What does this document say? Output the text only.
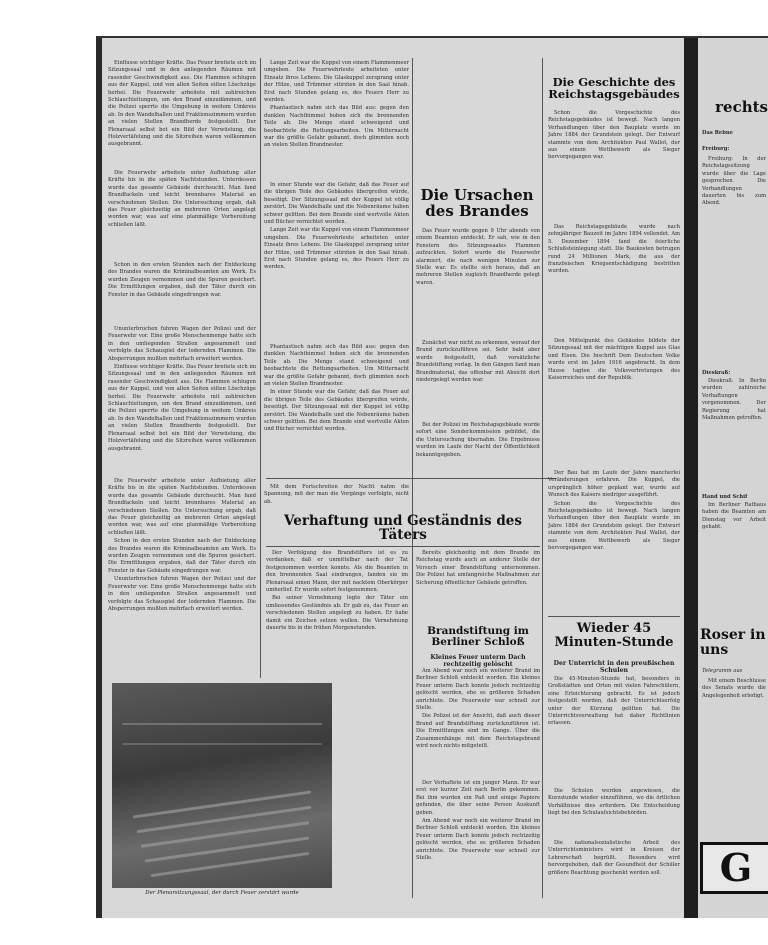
Einflusse wichtiger Kräfte. Das Feuer breitete sich im Sitzungssaal und in den anliegenden Räumen mit rasender Geschwindigkeit aus. Die Flammen schlugen aus der Kuppel, und von allen Seiten eilten Löschzüge herbei. Die Feuerwehr arbeitete mit zahlreichen Schlauchleitungen, um den Brand einzudämmen, und die Polizei sperrte die Umgebung in weitem Umkreis ab. In den Wandelhallen und Fraktionszimmern wurden an vielen Stellen Brandherde festgestellt. Der Plenarsaal selbst bot ein Bild der Verwüstung, die Holzvertäfelung und die Sitzreihen waren vollkommen ausgebrannt.

Die Feuerwehr arbeitete unter Aufbietung aller Kräfte bis in die späten Nachtstunden. Unterdessen wurde das gesamte Gebäude durchsucht. Man fand Brandfackeln und leicht brennbares Material an verschiedenen Stellen. Die Untersuchung ergab, daß das Feuer gleichzeitig an mehreren Orten angelegt worden war, was auf eine planmäßige Vorbereitung schließen läßt.

Schon in den ersten Stunden nach der Entdeckung des Brandes waren die Kriminalbeamten am Werk. Es wurden Zeugen vernommen und die Spuren gesichert. Die Ermittlungen ergaben, daß der Täter durch ein Fenster in das Gebäude eingedrungen war.

Ununterbrochen fuhren Wagen der Polizei und der Feuerwehr vor. Eine große Menschenmenge hatte sich in den umliegenden Straßen angesammelt und verfolgte das Schauspiel der lodernden Flammen. Die Absperrungen mußten mehrfach erweitert werden.

Einflusse wichtiger Kräfte. Das Feuer breitete sich im Sitzungssaal und in den anliegenden Räumen mit rasender Geschwindigkeit aus. Die Flammen schlugen aus der Kuppel, und von allen Seiten eilten Löschzüge herbei. Die Feuerwehr arbeitete mit zahlreichen Schlauchleitungen, um den Brand einzudämmen, und die Polizei sperrte die Umgebung in weitem Umkreis ab. In den Wandelhallen und Fraktionszimmern wurden an vielen Stellen Brandherde festgestellt. Der Plenarsaal selbst bot ein Bild der Verwüstung, die Holzvertäfelung und die Sitzreihen waren vollkommen ausgebrannt.

Die Feuerwehr arbeitete unter Aufbietung aller Kräfte bis in die späten Nachtstunden. Unterdessen wurde das gesamte Gebäude durchsucht. Man fand Brandfackeln und leicht brennbares Material an verschiedenen Stellen. Die Untersuchung ergab, daß das Feuer gleichzeitig an mehreren Orten angelegt worden war, was auf eine planmäßige Vorbereitung schließen läßt.

Schon in den ersten Stunden nach der Entdeckung des Brandes waren die Kriminalbeamten am Werk. Es wurden Zeugen vernommen und die Spuren gesichert. Die Ermittlungen ergaben, daß der Täter durch ein Fenster in das Gebäude eingedrungen war.

Ununterbrochen fuhren Wagen der Polizei und der Feuerwehr vor. Eine große Menschenmenge hatte sich in den umliegenden Straßen angesammelt und verfolgte das Schauspiel der lodernden Flammen. Die Absperrungen mußten mehrfach erweitert werden.

Lange Zeit war die Kuppel von einem Flammenmeer umgeben. Die Feuerwehrleute arbeiteten unter Einsatz ihres Lebens. Die Glaskuppel zersprang unter der Hitze, und Trümmer stürzten in den Saal hinab. Erst nach Stunden gelang es, des Feuers Herr zu werden.

Phantastisch nahm sich das Bild aus: gegen den dunklen Nachthimmel hoben sich die brennenden Teile ab. Die Menge stand schweigend und beobachtete die Rettungsarbeiten. Um Mitternacht war die größte Gefahr gebannt, doch glimmten noch an vielen Stellen Brandnester.

In einer Stunde war die Gefahr, daß das Feuer auf die übrigen Teile des Gebäudes übergreifen würde, beseitigt. Der Sitzungssaal mit der Kuppel ist völlig zerstört. Die Wandelhalle und die Nebenräume haben schwer gelitten. Bei dem Brande sind wertvolle Akten und Bücher vernichtet worden.

Lange Zeit war die Kuppel von einem Flammenmeer umgeben. Die Feuerwehrleute arbeiteten unter Einsatz ihres Lebens. Die Glaskuppel zersprang unter der Hitze, und Trümmer stürzten in den Saal hinab. Erst nach Stunden gelang es, des Feuers Herr zu werden.

Phantastisch nahm sich das Bild aus: gegen den dunklen Nachthimmel hoben sich die brennenden Teile ab. Die Menge stand schweigend und beobachtete die Rettungsarbeiten. Um Mitternacht war die größte Gefahr gebannt, doch glimmten noch an vielen Stellen Brandnester.

In einer Stunde war die Gefahr, daß das Feuer auf die übrigen Teile des Gebäudes übergreifen würde, beseitigt. Der Sitzungssaal mit der Kuppel ist völlig zerstört. Die Wandelhalle und die Nebenräume haben schwer gelitten. Bei dem Brande sind wertvolle Akten und Bücher vernichtet worden.

Mit dem Fortschreiten der Nacht nahm die Spannung, mit der man die Vorgänge verfolgte, nicht ab.

Die Ursachen des Brandes

Das Feuer wurde gegen 9 Uhr abends von einem Beamten entdeckt. Er sah, wie in den Fenstern des Sitzungssaales Flammen aufzuckten. Sofort wurde die Feuerwehr alarmiert, die nach wenigen Minuten zur Stelle war. Es stellte sich heraus, daß an mehreren Stellen zugleich Brandherde gelegt waren.

Zunächst war nicht zu erkennen, worauf der Brand zurückzuführen sei. Sehr bald aber wurde festgestellt, daß vorsätzliche Brandstiftung vorlag. In den Gängen fand man Brandmaterial, das offenbar mit Absicht dort niedergelegt worden war.

Bei der Polizei im Reichstagsgebäude wurde sofort eine Sonderkommission gebildet, die die Untersuchung übernahm. Die Ergebnisse wurden im Laufe der Nacht der Öffentlichkeit bekanntgegeben.

Verhaftung und Geständnis des Täters

Der Verfolgung des Brandstifters ist es zu verdanken, daß er unmittelbar nach der Tat festgenommen werden konnte. Als die Beamten in den brennenden Saal eindrangen, fanden sie im Plenarsaal einen Mann, der mit nacktem Oberkörper umherlief. Er wurde sofort festgenommen.

Bei seiner Vernehmung legte der Täter ein umfassendes Geständnis ab. Er gab zu, das Feuer an verschiedenen Stellen angelegt zu haben. Er habe damit ein Zeichen setzen wollen. Die Vernehmung dauerte bis in die frühen Morgenstunden.

Bereits gleichzeitig mit dem Brande im Reichstag wurde auch an anderer Stelle der Versuch einer Brandstiftung unternommen. Die Polizei hat umfangreiche Maßnahmen zur Sicherung öffentlicher Gebäude getroffen.

Brandstiftung im Berliner Schloß
Kleines Feuer unterm Dach rechtzeitig gelöscht

Am Abend war noch ein weiterer Brand im Berliner Schloß entdeckt worden. Ein kleines Feuer unterm Dach konnte jedoch rechtzeitig gelöscht werden, ehe es größeren Schaden anrichtete. Die Feuerwehr war schnell zur Stelle.

Die Polizei ist der Ansicht, daß auch dieser Brand auf Brandstiftung zurückzuführen ist. Die Ermittlungen sind im Gange. Über die Zusammenhänge mit dem Reichstagsbrand wird noch nichts mitgeteilt.

Der Verhaftete ist ein junger Mann. Er war erst vor kurzer Zeit nach Berlin gekommen. Bei ihm wurden ein Paß und einige Papiere gefunden, die über seine Person Auskunft geben.

Am Abend war noch ein weiterer Brand im Berliner Schloß entdeckt worden. Ein kleines Feuer unterm Dach konnte jedoch rechtzeitig gelöscht werden, ehe es größeren Schaden anrichtete. Die Feuerwehr war schnell zur Stelle.

Die Geschichte des Reichstagsgebäudes

Schon die Vorgeschichte des Reichstagsgebäudes ist bewegt. Nach langen Verhandlungen über den Bauplatz wurde im Jahre 1884 der Grundstein gelegt. Der Entwurf stammte von dem Architekten Paul Wallot, der aus einem Wettbewerb als Sieger hervorgegangen war.

Das Reichstagsgebäude wurde nach zehnjähriger Bauzeit im Jahre 1894 vollendet. Am 5. Dezember 1894 fand die feierliche Schlußsteinlegung statt. Die Baukosten betrugen rund 24 Millionen Mark, die aus der französischen Kriegsentschädigung bestritten wurden.

Den Mittelpunkt des Gebäudes bildete der Sitzungssaal mit der mächtigen Kuppel aus Glas und Eisen. Die Inschrift Dem Deutschen Volke wurde erst im Jahre 1916 angebracht. In dem Hause tagten die Volksvertretungen des Kaiserreiches und der Republik.

Der Bau hat im Laufe der Jahre mancherlei Veränderungen erfahren. Die Kuppel, die ursprünglich höher geplant war, wurde auf Wunsch des Kaisers niedriger ausgeführt.

Schon die Vorgeschichte des Reichstagsgebäudes ist bewegt. Nach langen Verhandlungen über den Bauplatz wurde im Jahre 1884 der Grundstein gelegt. Der Entwurf stammte von dem Architekten Paul Wallot, der aus einem Wettbewerb als Sieger hervorgegangen war.

Wieder 45 Minuten-Stunde
Der Unterricht in den preußischen Schulen

Die 45-Minuten-Stunde hat, besonders in Großstädten und Orten mit vielen Fahrschülern, eine Erleichterung gebracht. Es ist jedoch festgestellt worden, daß der Unterrichtserfolg unter der Kürzung gelitten hat. Die Unterrichtsverwaltung hat daher Richtlinien erlassen.

Die Schulen werden angewiesen, die Kurzstunde wieder einzuführen, wo die örtlichen Verhältnisse dies erfordern. Die Entscheidung liegt bei den Schulaufsichtsbehörden.

Die nationalsozialistische Arbeit des Unterrichtsministers wird in Kreisen der Lehrerschaft begrüßt. Besonders wird hervorgehoben, daß der Gesundheit der Schüler größere Beachtung geschenkt werden soll.

Der Plenarsitzungssaal, der durch Feuer zerstört wurde
rechts
Das Rebne
Freiburg:

Freiburg: In der Reichstagssitzung wurde über die Lage gesprochen. Die Verhandlungen dauerten bis zum Abend.

Dieskraß:

Dieskraß: In Berlin wurden zahlreiche Verhaftungen vorgenommen. Der Regierung hat Maßnahmen getroffen.

Hand und Schif

Im Berliner Rathaus haben die Beamten am Dienstag vor Arbeit gehabt.

Roser in uns
Telegramm aus

Mit einem Beschlusse des Senats wurde die Angelegenheit erledigt.

G
